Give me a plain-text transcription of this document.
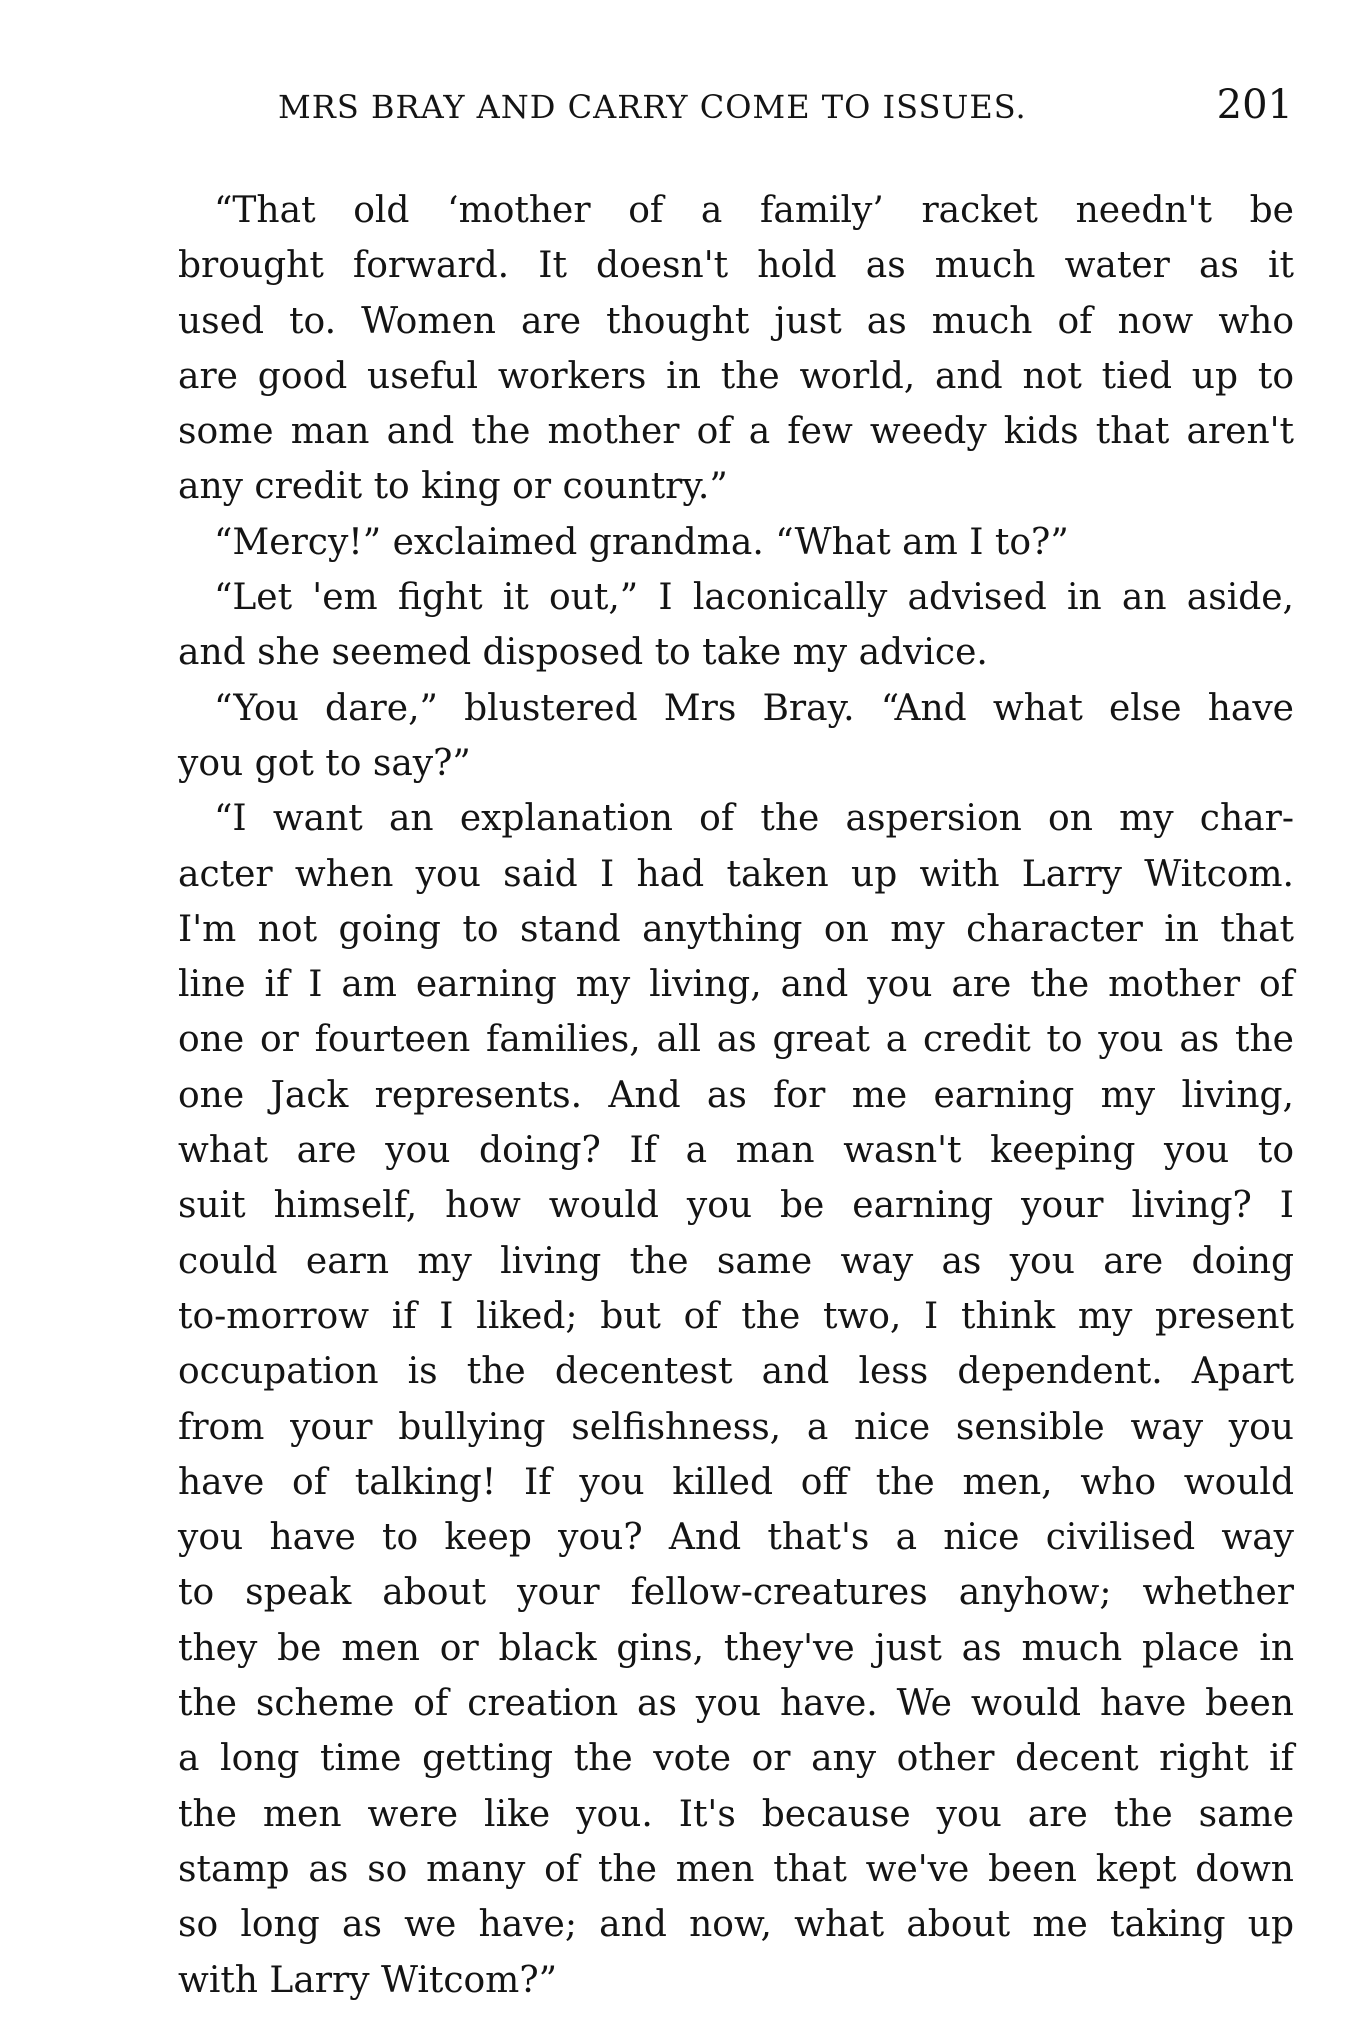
MRS BRAY AND CARRY COME TO ISSUES.	201
“That old ‘mother of a family’ racket needn't be
brought forward. It doesn't hold as much water as it
used to. Women are thought just as much of now who
are good useful workers in the world, and not tied up to
some man and the mother of a few weedy kids that aren't
any credit to king or country.”
“Mercy!” exclaimed grandma. “What am I to?”
“Let 'em fight it out,” I laconically advised in an aside,
and she seemed disposed to take my advice.
“You dare,” blustered Mrs Bray. “And what else have
you got to say?”
“I want an explanation of the aspersion on my char-
acter when you said I had taken up with Larry Witcom.
I'm not going to stand anything on my character in that
line if I am earning my living, and you are the mother of
one or fourteen families, all as great a credit to you as the
one Jack represents. And as for me earning my living,
what are you doing? If a man wasn't keeping you to
suit himself, how would you be earning your living? I
could earn my living the same way as you are doing
to-morrow if I liked; but of the two, I think my present
occupation is the decentest and less dependent. Apart
from your bullying selfishness, a nice sensible way you
have of talking! If you killed off the men, who would
you have to keep you? And that's a nice civilised way
to speak about your fellow-creatures anyhow; whether
they be men or black gins, they've just as much place in
the scheme of creation as you have. We would have been
a long time getting the vote or any other decent right if
the men were like you. It's because you are the same
stamp as so many of the men that we've been kept down
so long as we have; and now, what about me taking up
with Larry Witcom?”
